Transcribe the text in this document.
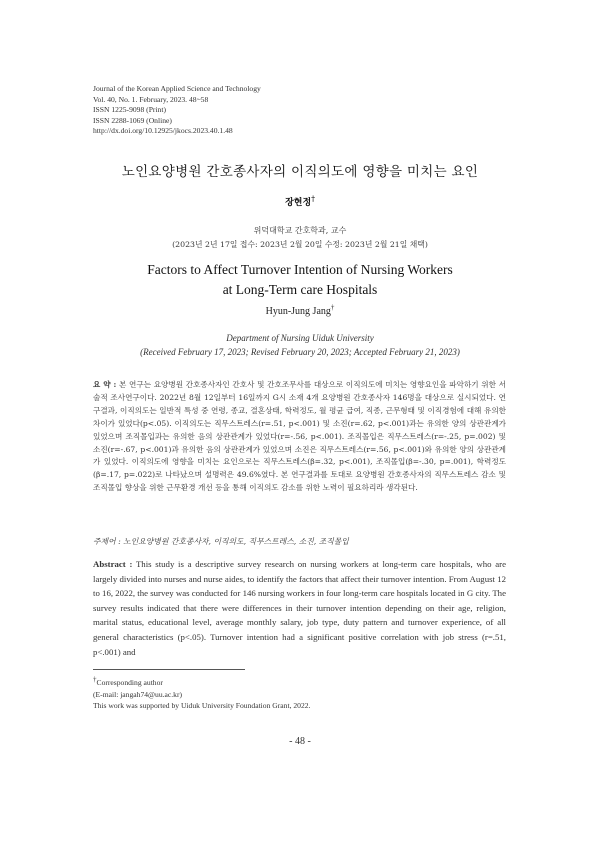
Journal of the Korean Applied Science and Technology
Vol. 40, No. 1. February, 2023. 48~58
ISSN 1225-9098 (Print)
ISSN 2288-1069 (Online)
http://dx.doi.org/10.12925/jkocs.2023.40.1.48
노인요양병원 간호종사자의 이직의도에 영향을 미치는 요인
장현정†
위덕대학교 간호학과, 교수
(2023년 2년 17일 접수: 2023년 2월 20일 수정: 2023년 2월 21일 채택)
Factors to Affect Turnover Intention of Nursing Workers
at Long-Term care Hospitals
Hyun-Jung Jang†
Department of Nursing Uiduk University
(Received February 17, 2023; Revised February 20, 2023; Accepted February 21, 2023)
요 약 : 본 연구는 요양병원 간호종사자인 간호사 및 간호조무사를 대상으로 이직의도에 미치는 영향요인을 파악하기 위한 서술적 조사연구이다. 2022년 8월 12일부터 16일까지 G시 소재 4개 요양병원 간호종사자 146명을 대상으로 실시되었다. 연구결과, 이직의도는 일반적 특성 중 연령, 종교, 결혼상태, 학력정도, 월 평균 급여, 직종, 근무형태 및 이직경험에 대해 유의한 차이가 있었다(p<.05). 이직의도는 직무스트레스(r=.51, p<.001) 및 소진(r=.62, p<.001)과는 유의한 양의 상관관계가 있었으며 조직몰입과는 유의한 음의 상관관계가 있었다(r=-.56, p<.001). 조직몰입은 직무스트레스(r=-.25, p=.002) 및 소진(r=-.67, p<.001)과 유의한 음의 상관관계가 있었으며 소진은 직무스트레스(r=.56, p<.001)와 유의한 양의 상관관계가 있었다. 이직의도에 영향을 미치는 요인으로는 직무스트레스(β=.32, p<.001), 조직몰입(β=-.30, p=.001), 학력정도(β=.17, p=.022)로 나타났으며 설명력은 49.6%였다. 본 연구결과를 토대로 요양병원 간호종사자의 직무스트레스 감소 및 조직몰입 향상을 위한 근무환경 개선 등을 통해 이직의도 감소를 위한 노력이 필요하리라 생각된다.
주제어 : 노인요양병원 간호종사자, 이직의도, 직무스트레스, 소진, 조직몰입
Abstract : This study is a descriptive survey research on nursing workers at long-term care hospitals, who are largely divided into nurses and nurse aides, to identify the factors that affect their turnover intention. From August 12 to 16, 2022, the survey was conducted for 146 nursing workers in four long-term care hospitals located in G city. The survey results indicated that there were differences in their turnover intention depending on their age, religion, marital status, educational level, average monthly salary, job type, duty pattern and turnover experience, of all general characteristics (p<.05). Turnover intention had a significant positive correlation with job stress (r=.51, p<.001) and
†Corresponding author
(E-mail: jangah74@uu.ac.kr)
This work was supported by Uiduk University Foundation Grant, 2022.
- 48 -
